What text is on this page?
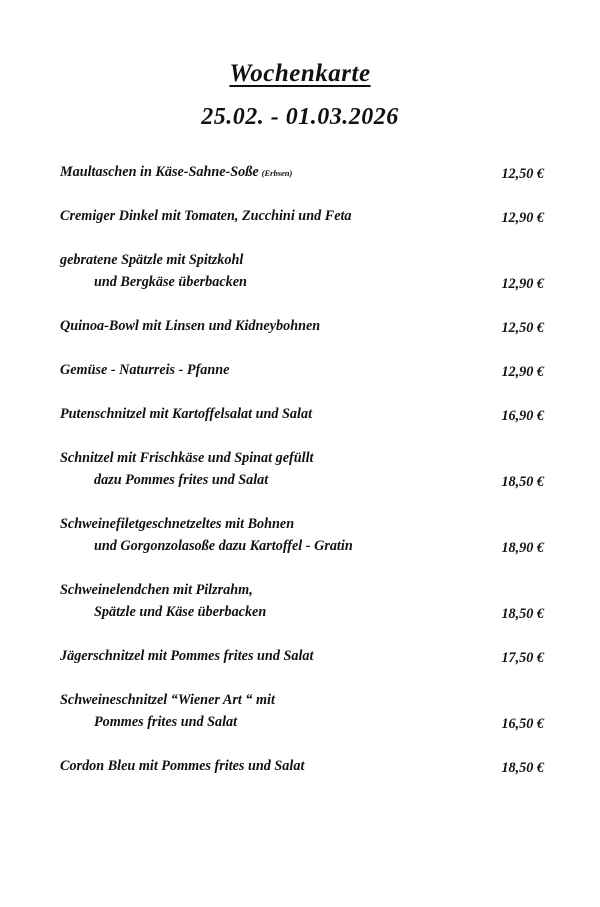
Wochenkarte
25.02. - 01.03.2026
Maultaschen in Käse-Sahne-Soße (Erbsen)	12,50 €
Cremiger Dinkel mit Tomaten, Zucchini und Feta	12,90 €
gebratene Spätzle mit Spitzkohl
und Bergkäse überbacken	12,90 €
Quinoa-Bowl mit Linsen und Kidneybohnen	12,50 €
Gemüse - Naturreis - Pfanne	12,90 €
Putenschnitzel mit Kartoffelsalat und Salat	16,90 €
Schnitzel mit Frischkäse und Spinat gefüllt
dazu Pommes frites und Salat	18,50 €
Schweinefiletgeschnetzeltes mit Bohnen
und Gorgonzolasoße dazu Kartoffel - Gratin	18,90 €
Schweinelendchen mit Pilzrahm,
Spätzle und Käse überbacken	18,50 €
Jägerschnitzel mit Pommes frites und Salat	17,50 €
Schweineschnitzel “Wiener Art “ mit
Pommes frites und Salat	16,50 €
Cordon Bleu mit Pommes frites und Salat	18,50 €
